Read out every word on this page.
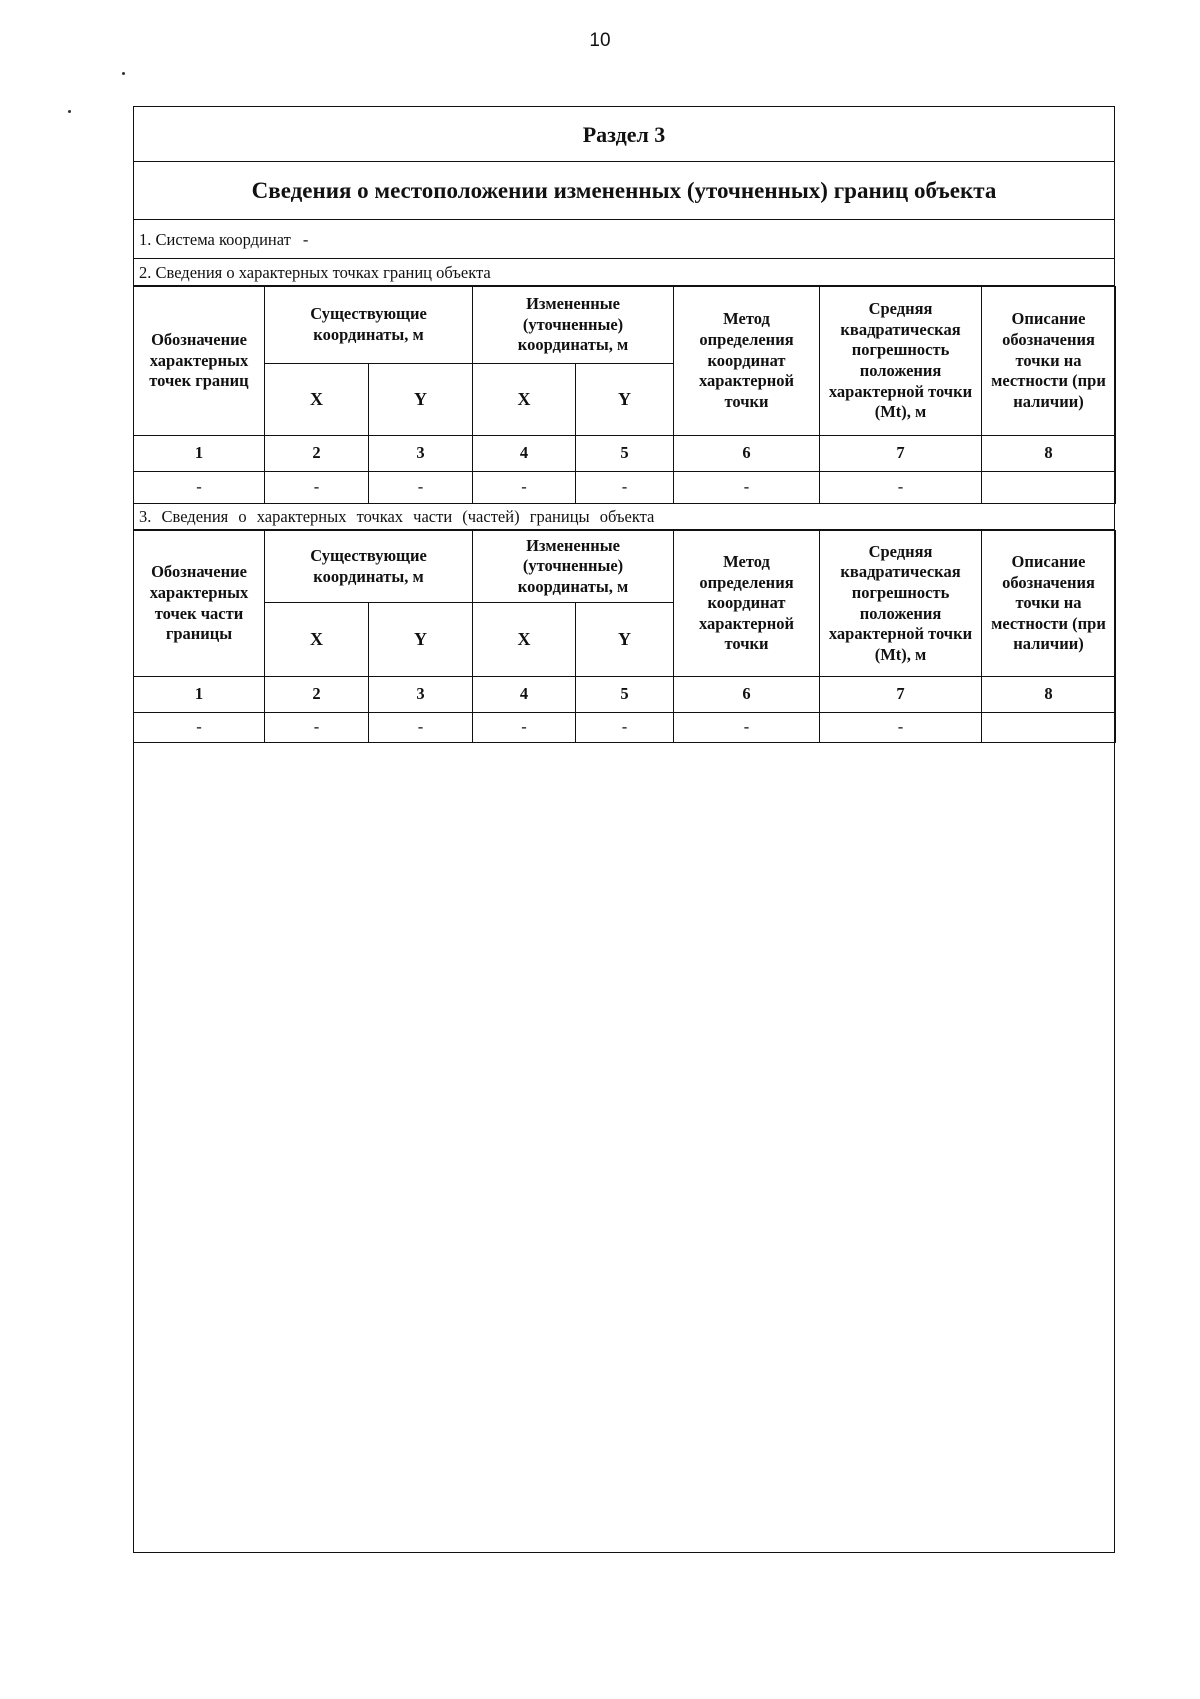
10
Раздел 3
Сведения о местоположении измененных (уточненных) границ объекта
1. Система координат -
2. Сведения о характерных точках границ объекта
Обозначение характерных точек границ	Существующие координаты, м		Измененные (уточненные) координаты, м		Метод определения координат характерной точки	Средняя квадратическая погрешность положения характерной точки (Mt), м	Описание обозначения точки на местности (при наличии)
	X	Y	X	Y			
1	2	3	4	5	6	7	8
-	-	-	-	-	-	-	
3. Сведения о характерных точках части (частей) границы объекта
Обозначение характерных точек части границы	Существующие координаты, м		Измененные (уточненные) координаты, м		Метод определения координат характерной точки	Средняя квадратическая погрешность положения характерной точки (Mt), м	Описание обозначения точки на местности (при наличии)
	X	Y	X	Y			
1	2	3	4	5	6	7	8
-	-	-	-	-	-	-	
